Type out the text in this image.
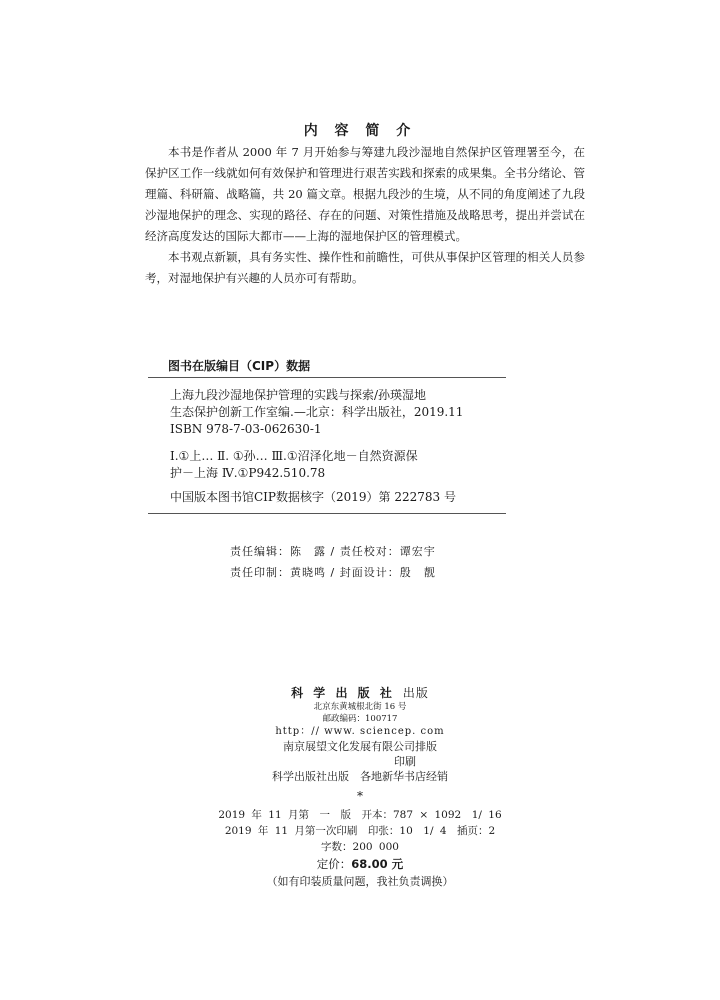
内 容 简 介

本书是作者从 2000 年 7 月开始参与筹建九段沙湿地自然保护区管理署至今，在保护区工作一线就如何有效保护和管理进行艰苦实践和探索的成果集。全书分绪论、管理篇、科研篇、战略篇，共 20 篇文章。根据九段沙的生境，从不同的角度阐述了九段沙湿地保护的理念、实现的路径、存在的问题、对策性措施及战略思考，提出并尝试在经济高度发达的国际大都市——上海的湿地保护区的管理模式。

本书观点新颖，具有务实性、操作性和前瞻性，可供从事保护区管理的相关人员参考，对湿地保护有兴趣的人员亦可有帮助。

图书在版编目（CIP）数据
上海九段沙湿地保护管理的实践与探索/孙瑛湿地
生态保护创新工作室编.—北京：科学出版社，2019.11
ISBN 978-7-03-062630-1
Ⅰ.①上… Ⅱ. ①孙… Ⅲ.①沼泽化地－自然资源保
护－上海 Ⅳ.①P942.510.78
中国版本图书馆CIP数据核字（2019）第 222783 号
责任编辑：陈　露 / 责任校对：谭宏宇
责任印制：黄晓鸣 / 封面设计：殷　靓
科 学 出 版 社 出版
北京东黄城根北街 16 号
邮政编码：100717
http：// www. sciencep. com
南京展望文化发展有限公司排版
印刷
科学出版社出版　各地新华书店经销
*
2019 年 11 月第　一　版　开本：787 × 1092　1/ 16
2019 年 11 月第一次印刷　印张：10　1/ 4　插页：2
字数：200 000
定价：68.00 元
（如有印装质量问题，我社负责调换）
